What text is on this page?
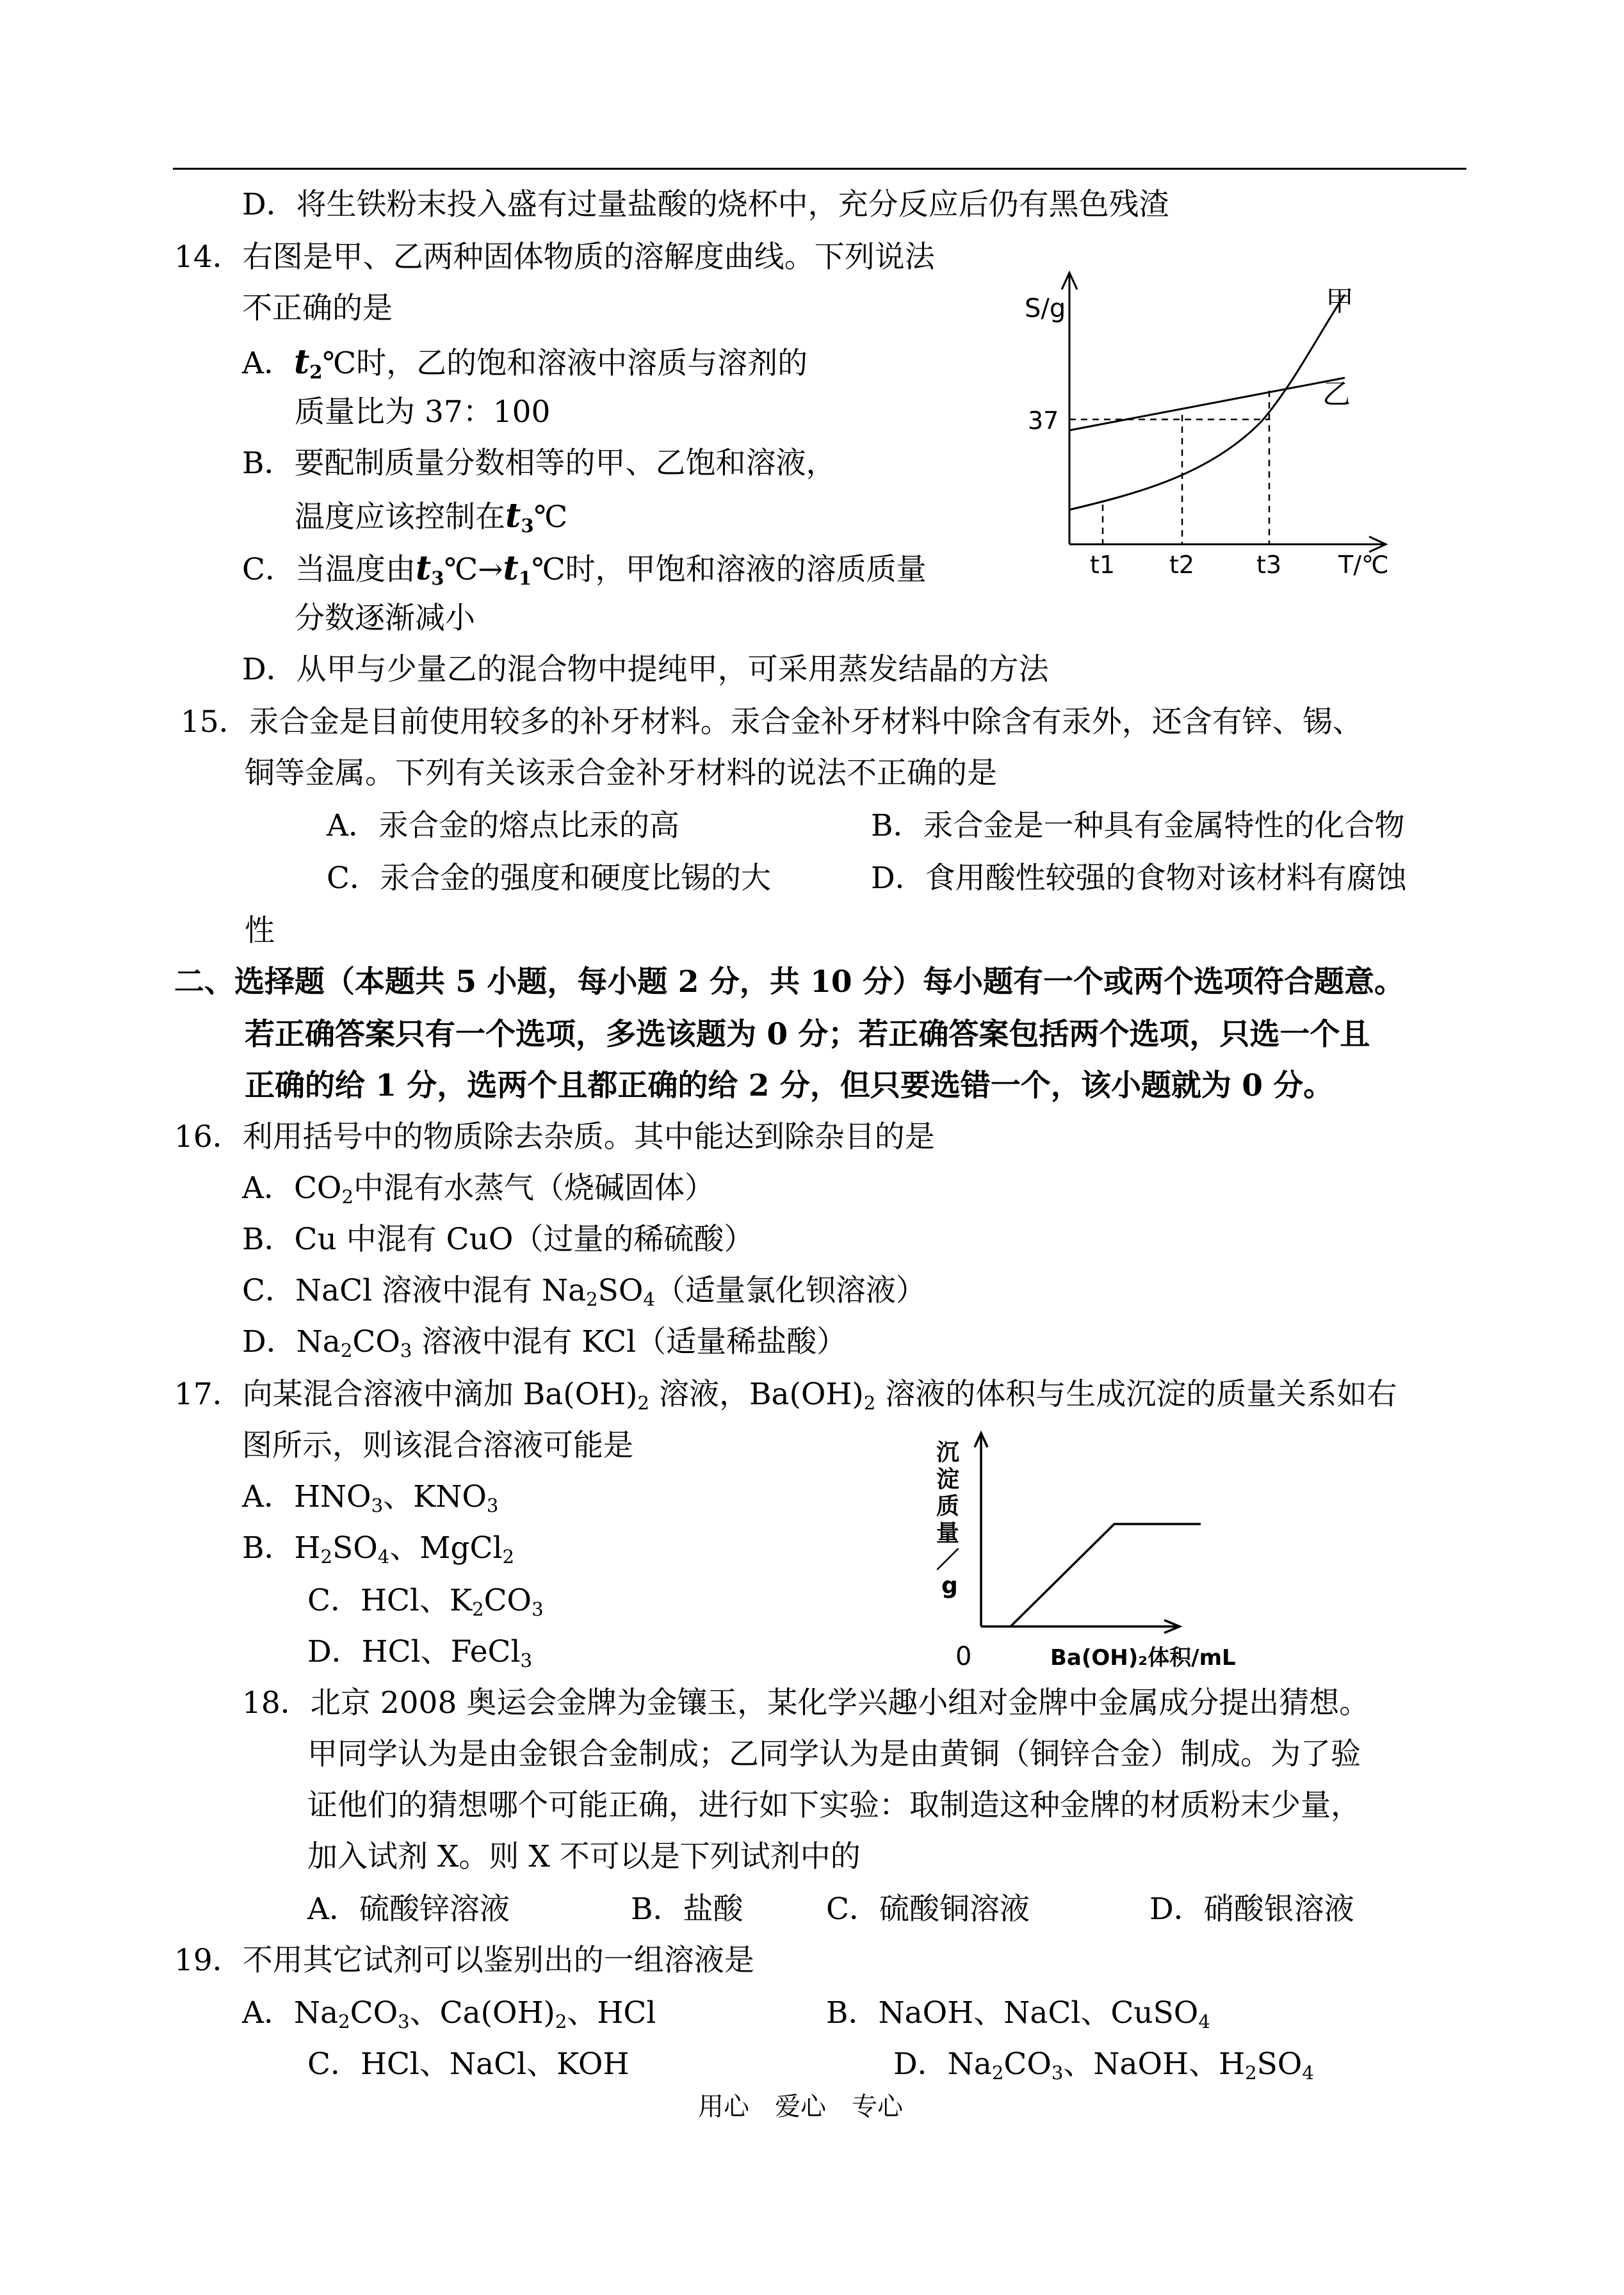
D．将生铁粉末投入盛有过量盐酸的烧杯中，充分反应后仍有黑色残渣
14．右图是甲、乙两种固体物质的溶解度曲线。下列说法
不正确的是
A．$t_2℃$时，乙的饱和溶液中溶质与溶剂的
质量比为 37：100
B．要配制质量分数相等的甲、乙饱和溶液，
温度应该控制在$t_3℃$
C．当温度由$t_3℃\to t_1℃$时，甲饱和溶液的溶质质量
分数逐渐减小
D．从甲与少量乙的混合物中提纯甲，可采用蒸发结晶的方法
S/g
37
甲
乙
t1 t2	t3 T/℃
15．汞合金是目前使用较多的补牙材料。汞合金补牙材料中除含有汞外，还含有锌、锡、
铜等金属。下列有关该汞合金补牙材料的说法不正确的是
A．汞合金的熔点比汞的高	B．汞合金是一种具有金属特性的化合物
C．汞合金的强度和硬度比锡的大	D．食用酸性较强的食物对该材料有腐蚀
性
二、选择题（本题共 5 小题，每小题 2 分，共 10 分）每小题有一个或两个选项符合题意。
若正确答案只有一个选项，多选该题为 0 分；若正确答案包括两个选项，只选一个且
正确的给 1 分，选两个且都正确的给 2 分，但只要选错一个，该小题就为 0 分。
16．利用括号中的物质除去杂质。其中能达到除杂目的是
A．$CO_2$中混有水蒸气（烧碱固体）
B．Cu 中混有 CuO（过量的稀硫酸）
C．NaCl 溶液中混有 $Na_2SO_4$（适量氯化钡溶液）
D．$Na_2CO_3$ 溶液中混有 KCl（适量稀盐酸）
17．向某混合溶液中滴加 $Ba(OH)_2$ 溶液，$Ba(OH)_2$ 溶液的体积与生成沉淀的质量关系如右
图所示，则该混合溶液可能是
A．$HNO_3$、$KNO_3$
B．$H_2SO_4$、MgCl$_2$
C．HCl、$K_2CO_3$
D．HCl、FeCl$_3$
沉
淀
质
量
／
g
0	Ba(OH)₂体积/mL
18．北京 2008 奥运会金牌为金镶玉，某化学兴趣小组对金牌中金属成分提出猜想。
甲同学认为是由金银合金制成；乙同学认为是由黄铜（铜锌合金）制成。为了验
证他们的猜想哪个可能正确，进行如下实验：取制造这种金牌的材质粉末少量，
加入试剂 X。则 X 不可以是下列试剂中的
A．硫酸锌溶液	B．盐酸	C．硫酸铜溶液	D．硝酸银溶液
19．不用其它试剂可以鉴别出的一组溶液是
A．$Na_2CO_3$、$Ca(OH)_2$、HCl	B．NaOH、NaCl、CuSO$_4$
C．HCl、NaCl、KOH	D．$Na_2CO_3$、NaOH、$H_2SO_4$
用心　爱心　专心
